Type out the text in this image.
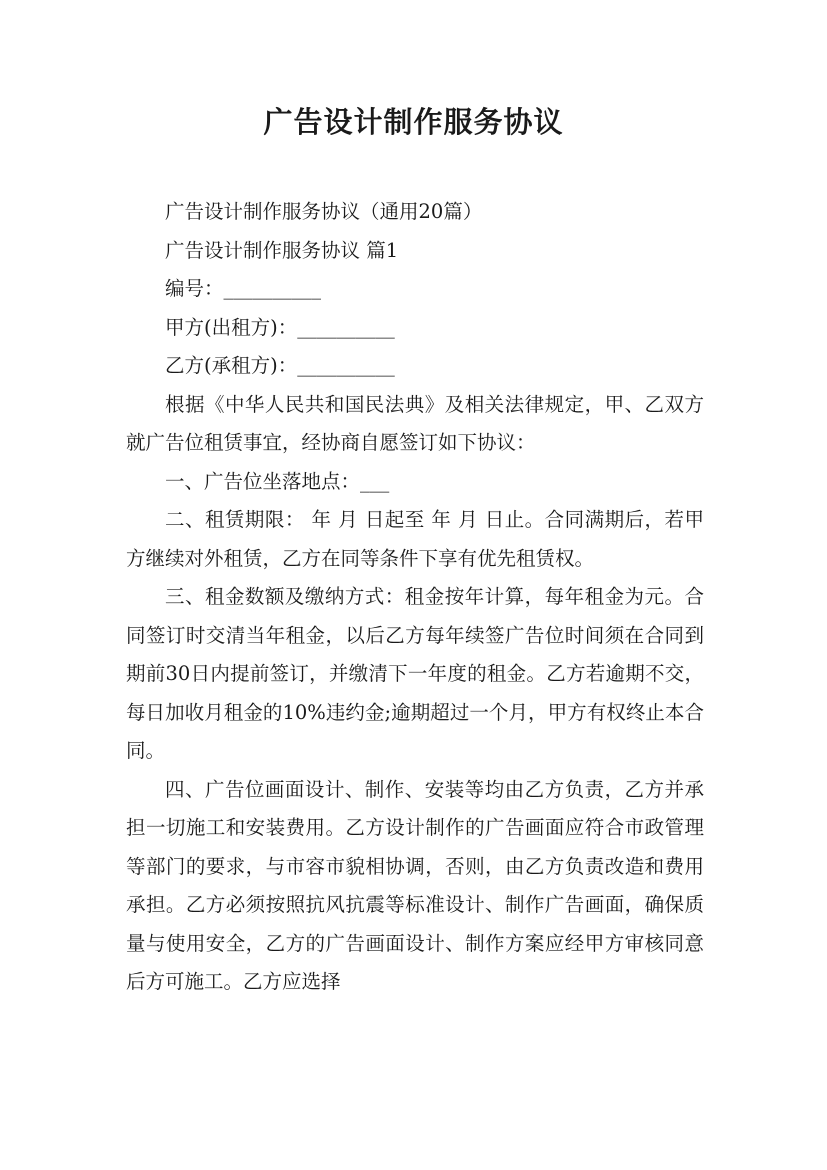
广告设计制作服务协议

广告设计制作服务协议（通用20篇）

广告设计制作服务协议 篇1

编号：__________

甲方(出租方)：__________

乙方(承租方)：__________

根据《中华人民共和国民法典》及相关法律规定，甲、乙双方就广告位租赁事宜，经协商自愿签订如下协议：

一、广告位坐落地点：___

二、租赁期限： 年 月 日起至 年 月 日止。合同满期后，若甲方继续对外租赁，乙方在同等条件下享有优先租赁权。

三、租金数额及缴纳方式：租金按年计算，每年租金为元。合同签订时交清当年租金，以后乙方每年续签广告位时间须在合同到期前30日内提前签订，并缴清下一年度的租金。乙方若逾期不交，每日加收月租金的10%违约金;逾期超过一个月，甲方有权终止本合同。

四、广告位画面设计、制作、安装等均由乙方负责，乙方并承担一切施工和安装费用。乙方设计制作的广告画面应符合市政管理等部门的要求，与市容市貌相协调，否则，由乙方负责改造和费用承担。乙方必须按照抗风抗震等标准设计、制作广告画面，确保质量与使用安全，乙方的广告画面设计、制作方案应经甲方审核同意后方可施工。乙方应选择
